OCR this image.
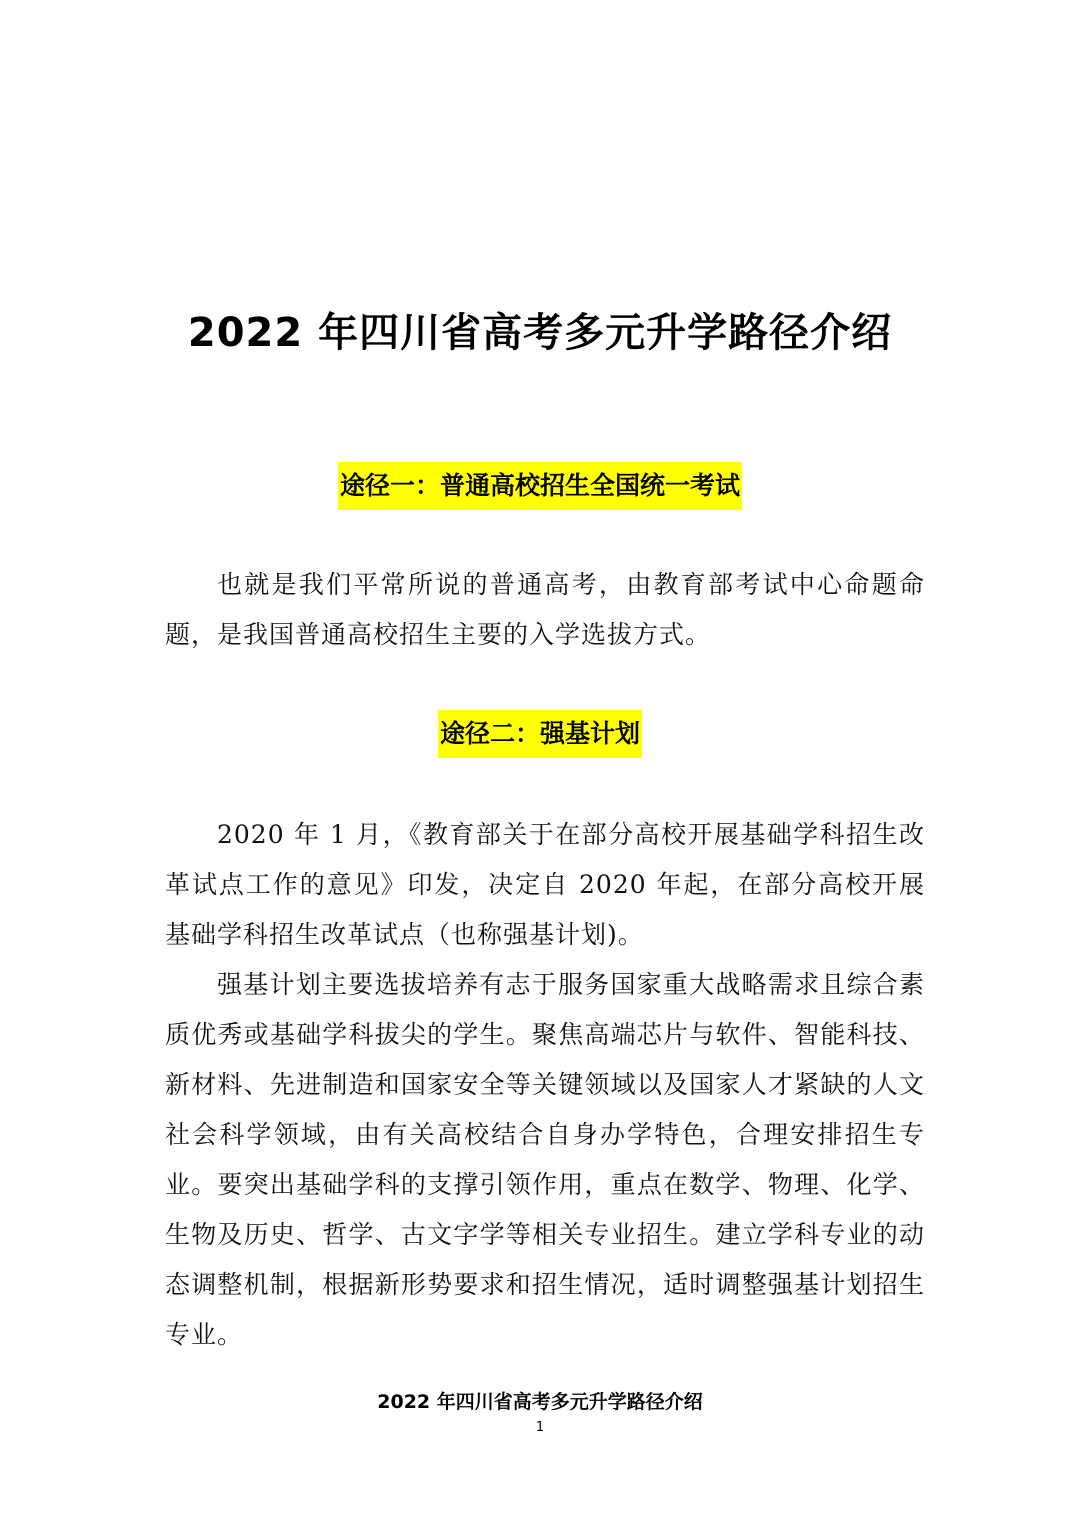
2022 年四川省高考多元升学路径介绍
途径一：普通高校招生全国统一考试

也就是我们平常所说的普通高考，由教育部考试中心命题命题，是我国普通高校招生主要的入学选拔方式。

途径二：强基计划

2020 年 1 月，《教育部关于在部分高校开展基础学科招生改革试点工作的意见》印发，决定自 2020 年起，在部分高校开展基础学科招生改革试点（也称强基计划)。

强基计划主要选拔培养有志于服务国家重大战略需求且综合素质优秀或基础学科拔尖的学生。聚焦高端芯片与软件、智能科技、新材料、先进制造和国家安全等关键领域以及国家人才紧缺的人文社会科学领域，由有关高校结合自身办学特色，合理安排招生专业。要突出基础学科的支撑引领作用，重点在数学、物理、化学、生物及历史、哲学、古文字学等相关专业招生。建立学科专业的动态调整机制，根据新形势要求和招生情况，适时调整强基计划招生专业。

2022 年四川省高考多元升学路径介绍
1
